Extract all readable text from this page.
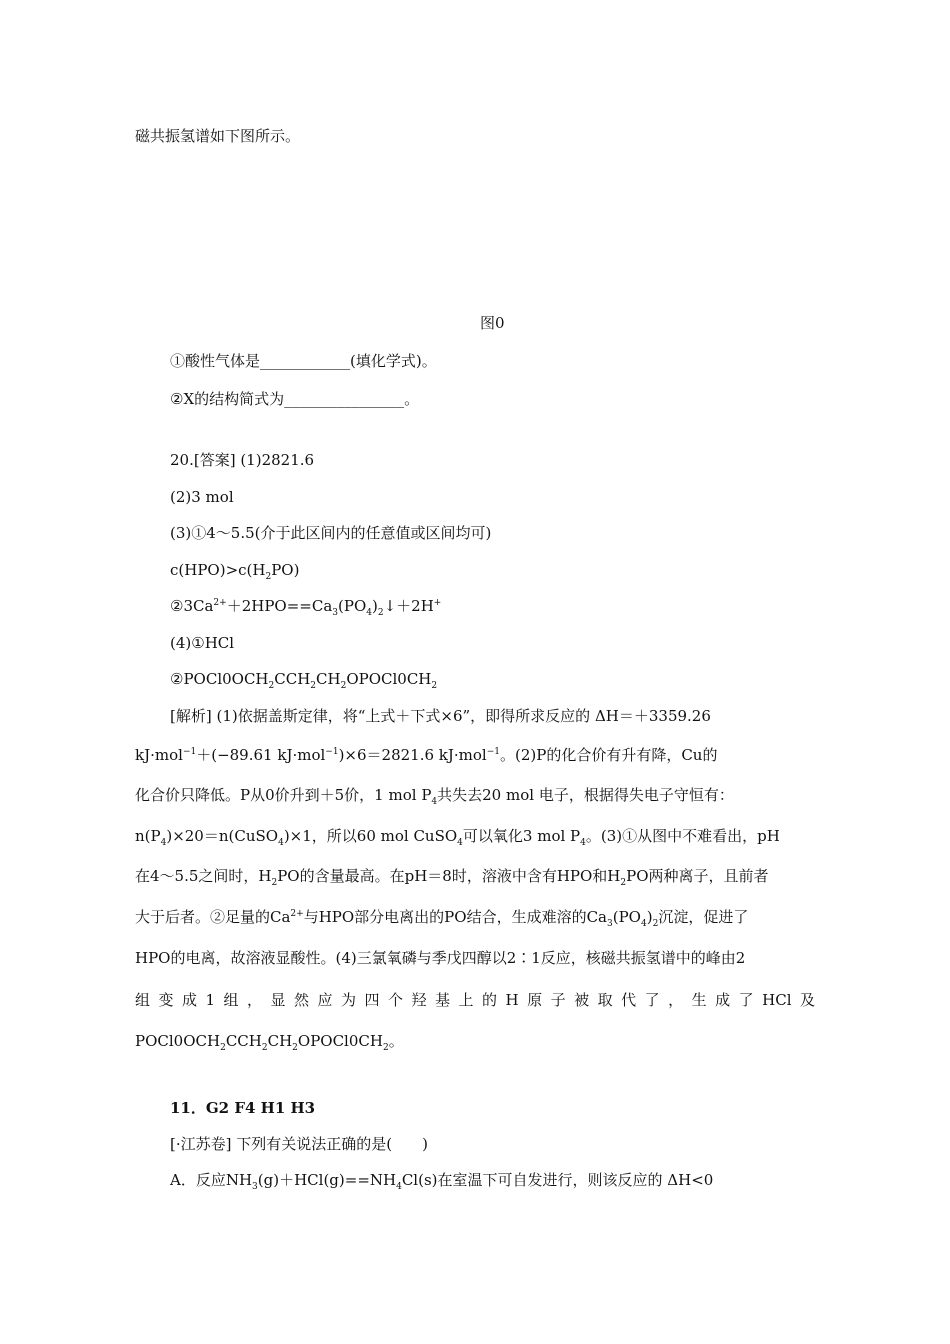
磁共振氢谱如下图所示。
图0
①酸性气体是____________(填化学式)。
②X的结构简式为________________。
20.[答案] (1)2821.6
(2)3 mol
(3)①4～5.5(介于此区间内的任意值或区间均可)
$c(HPO)>c(H_2PO)$
$②3Ca^{2+}+2HPO==Ca_3(PO_4)_2↓+2H^+$
(4)①HCl
$②POCl0OCH_2CCH_2CH_2OPOCl0CH_2$
[解析] (1)依据盖斯定律，将“上式＋下式×6”，即得所求反应的 ΔH＝＋3359.26
kJ·mol$^{-1}$＋(−89.61 kJ·mol$^{-1}$)×6＝2821.6 kJ·mol$^{-1}$。(2)P的化合价有升有降，Cu的
化合价只降低。P从0价升到＋5价，1 mol $P_4$共失去20 mol 电子，根据得失电子守恒有：
$n(P_4)\times 20=n(CuSO_4)\times 1$，所以60 mol CuSO$_4$可以氧化3 mol $P_4$。(3)①从图中不难看出，pH
在4～5.5之间时，$H_2PO$的含量最高。在pH＝8时，溶液中含有HPO和$H_2PO$两种离子，且前者
大于后者。②足量的$Ca^{2+}$与HPO部分电离出的PO结合，生成难溶的$Ca_3(PO_4)_2$沉淀，促进了
HPO的电离，故溶液显酸性。(4)三氯氧磷与季戊四醇以2∶1反应，核磁共振氢谱中的峰由2
组变成1组，显然应为四个羟基上的H原子被取代了，生成了HCl及
$POCl0OCH_2CCH_2CH_2OPOCl0CH_2$。
11．G2 F4 H1 H3
[·江苏卷] 下列有关说法正确的是(　　)
A．反应$NH_3(g)+HCl(g)==NH_4Cl(s)$在室温下可自发进行，则该反应的 ΔH<0
